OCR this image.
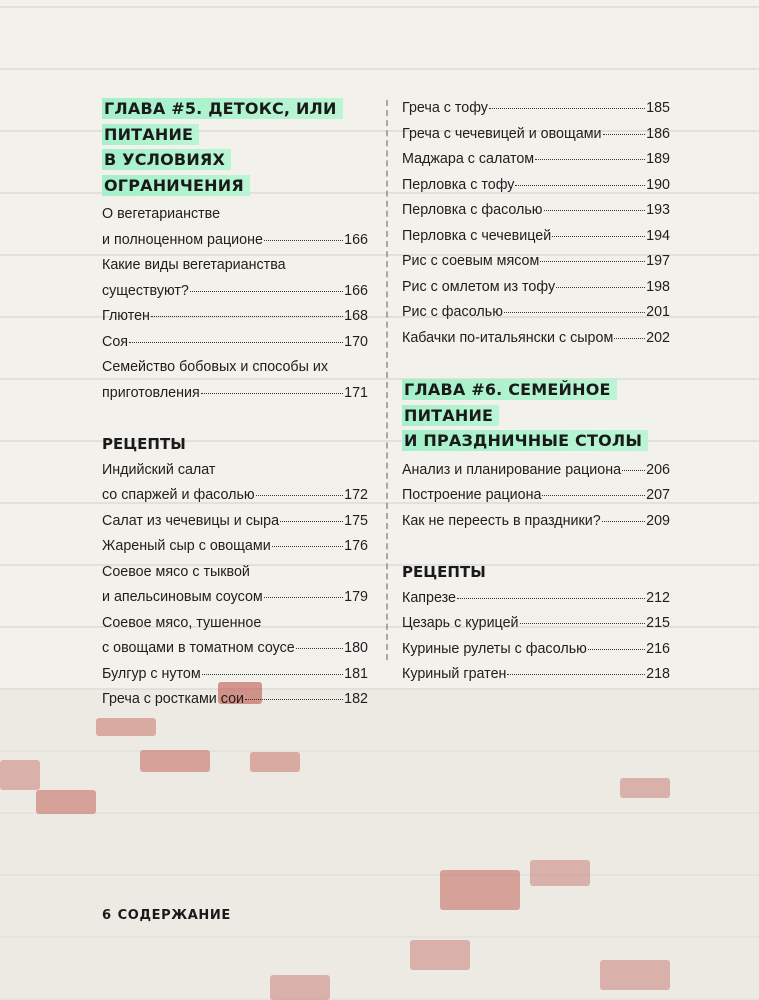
ГЛАВА #5. ДЕТОКС, ИЛИ ПИТАНИЕ
В УСЛОВИЯХ ОГРАНИЧЕНИЯ
О вегетарианстве
и полноценном рационе	166
Какие виды вегетарианства
существуют?	166
Глютен	168
Соя	170
Семейство бобовых и способы их
приготовления	171
РЕЦЕПТЫ
Индийский салат
со спаржей и фасолью	172
Салат из чечевицы и сыра	175
Жареный сыр с овощами	176
Соевое мясо с тыквой
и апельсиновым соусом	179
Соевое мясо, тушенное
с овощами в томатном соусе	180
Булгур с нутом	181
Греча с ростками сои	182
Греча с тофу	185
Греча с чечевицей и овощами	186
Маджара с салатом	189
Перловка с тофу	190
Перловка с фасолью	193
Перловка с чечевицей	194
Рис с соевым мясом	197
Рис с омлетом из тофу	198
Рис с фасолью	201
Кабачки по-итальянски с сыром 202
ГЛАВА #6. СЕМЕЙНОЕ ПИТАНИЕ
И ПРАЗДНИЧНЫЕ СТОЛЫ
Анализ и планирование рациона 206
Построение рациона	207
Как не переесть в праздники?	209
РЕЦЕПТЫ
Капрезе	212
Цезарь с курицей	215
Куриные рулеты с фасолью	216
Куриный гратен	218
6 СОДЕРЖАНИЕ
